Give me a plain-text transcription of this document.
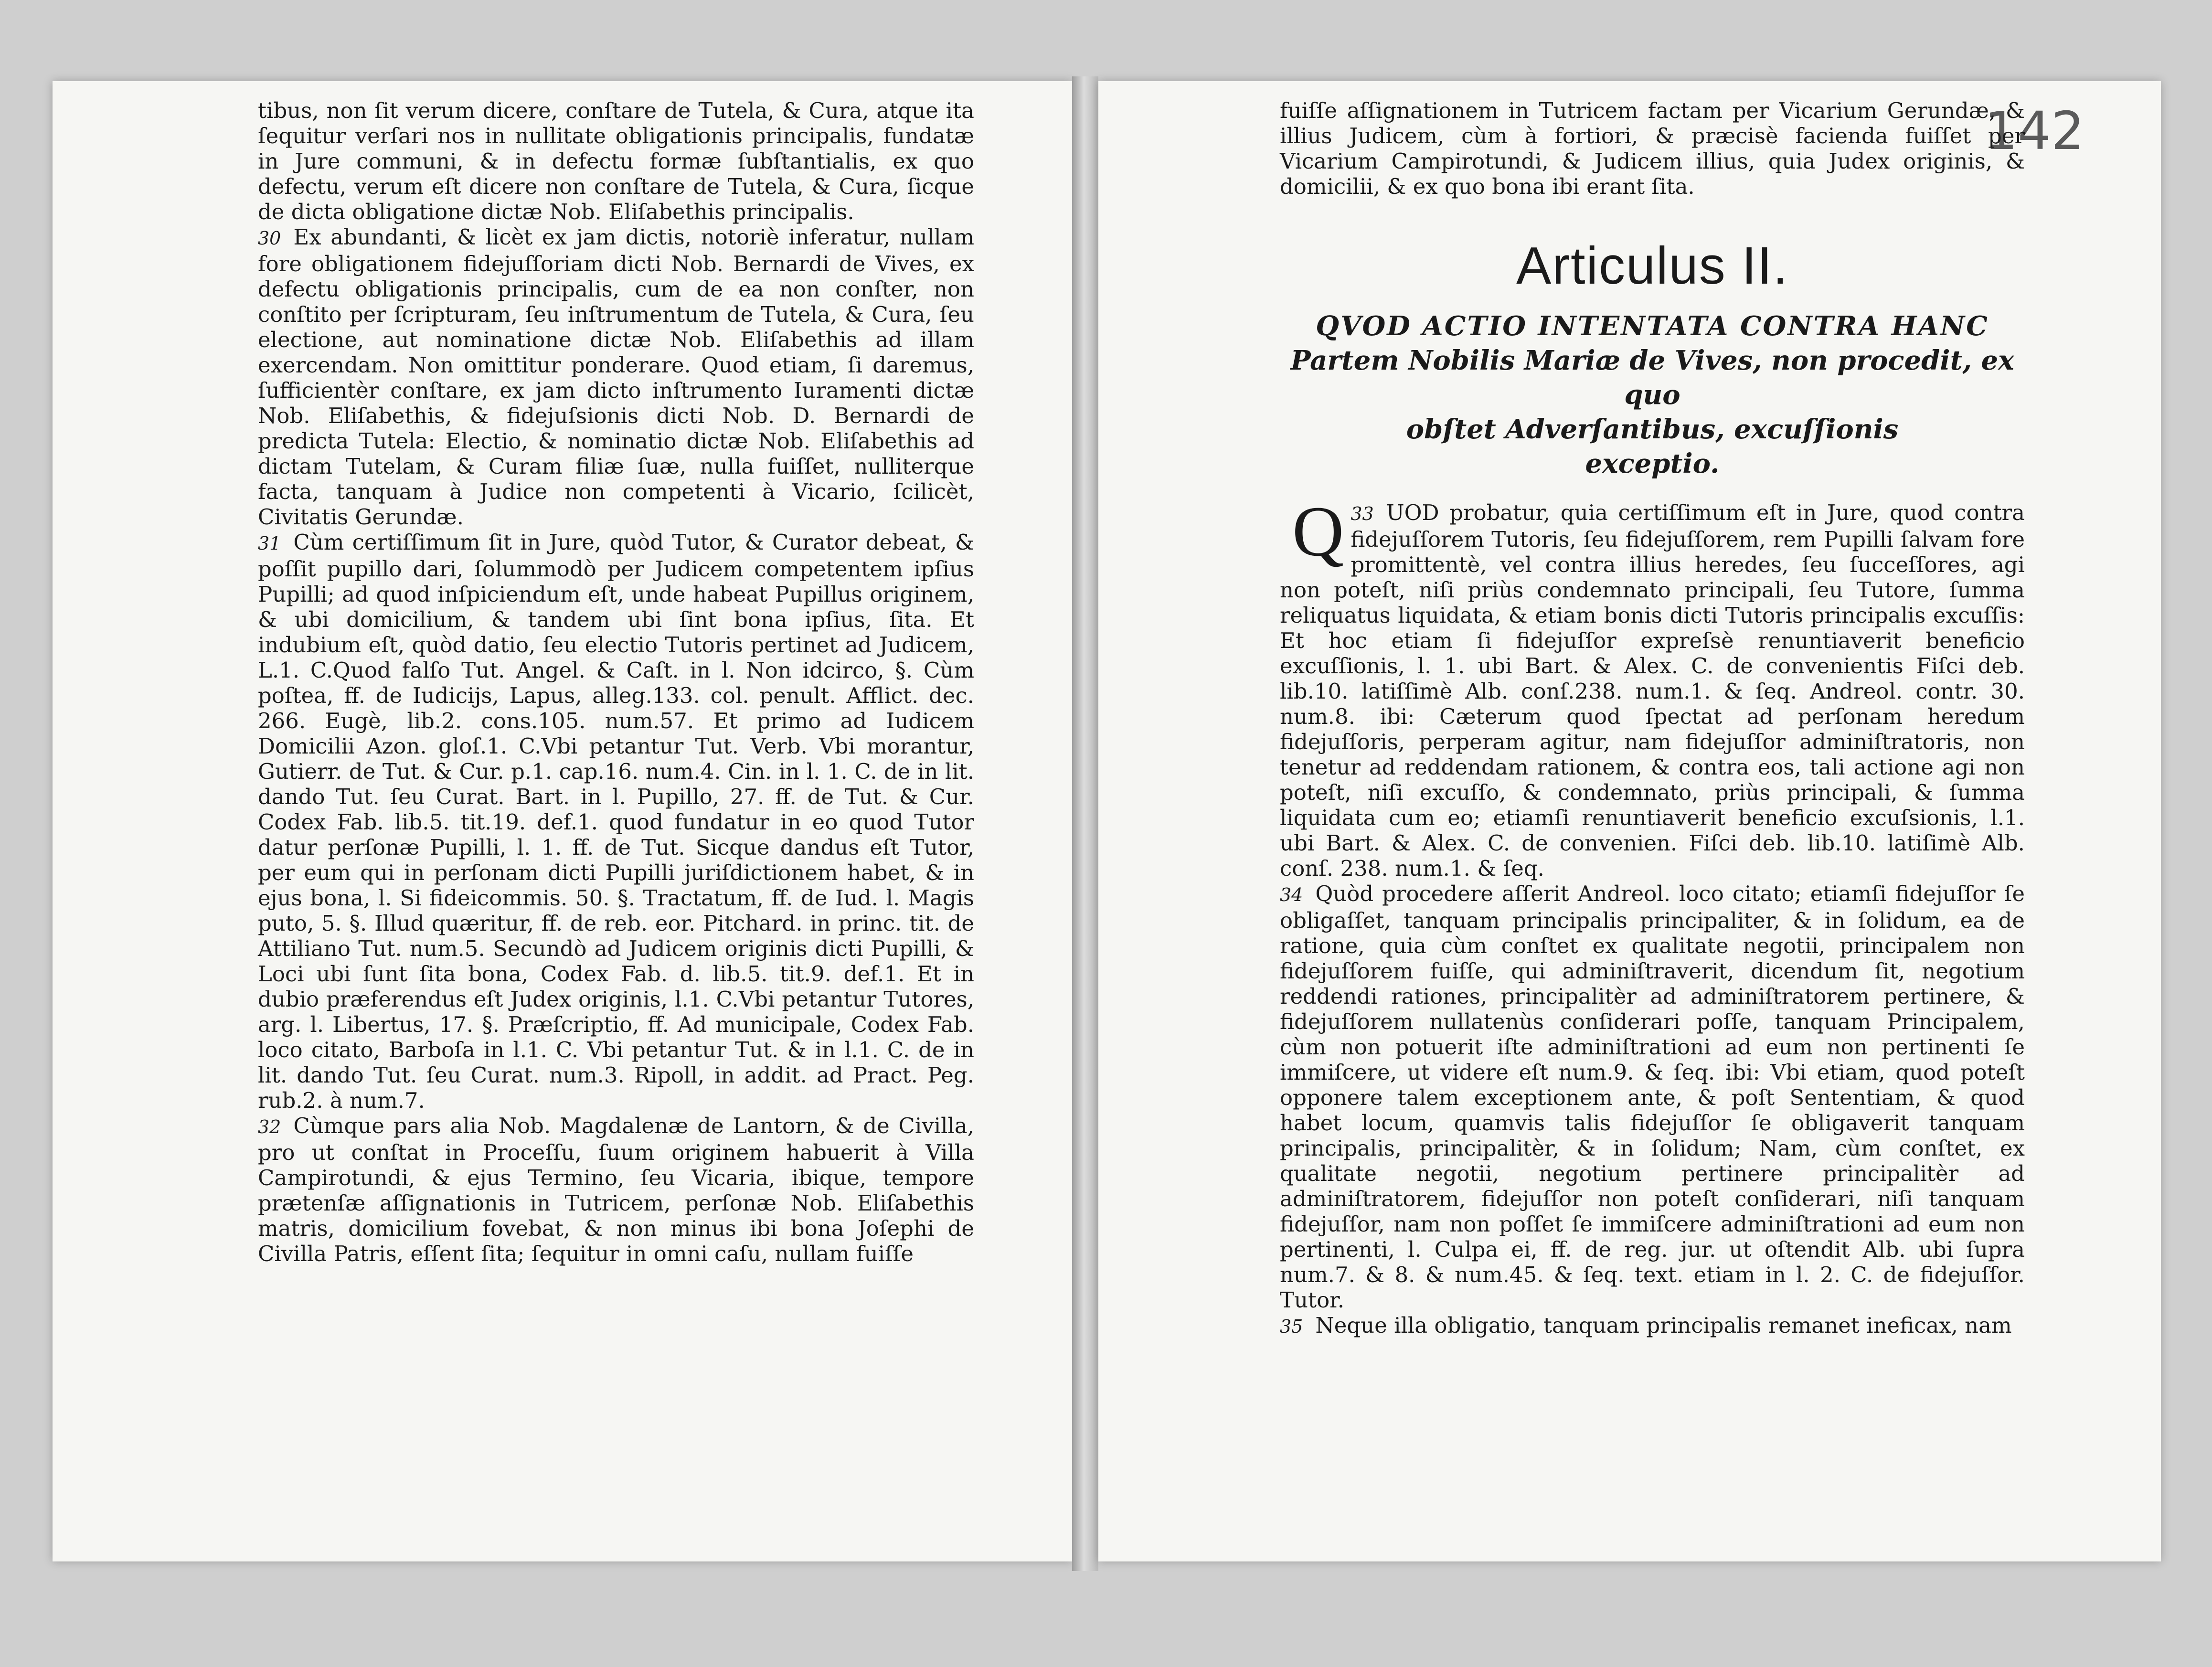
142

tibus, non ſit verum dicere, conſtare de Tutela, & Cura, atque ita ſequitur verſari nos in nullitate obligationis principalis, fundatæ in Jure communi, & in defectu formæ ſubſtantialis, ex quo defectu, verum eſt dicere non conſtare de Tutela, & Cura, ſicque de dicta obligatione dictæ Nob. Eliſabethis principalis.

30 Ex abundanti, & licèt ex jam dictis, notoriè inferatur, nullam fore obligationem fidejuſſoriam dicti Nob. Bernardi de Vives, ex defectu obligationis principalis, cum de ea non conſter, non conſtito per ſcripturam, ſeu inſtrumentum de Tutela, & Cura, ſeu electione, aut nominatione dictæ Nob. Eliſabethis ad illam exercendam. Non omittitur ponderare. Quod etiam, ſi daremus, ſufficientèr conſtare, ex jam dicto inſtrumento Iuramenti dictæ Nob. Eliſabethis, & fidejuſsionis dicti Nob. D. Bernardi de predicta Tutela: Electio, & nominatio dictæ Nob. Eliſabethis ad dictam Tutelam, & Curam filiæ ſuæ, nulla fuiſſet, nulliterque facta, tanquam à Judice non competenti à Vicario, ſcilicèt, Civitatis Gerundæ.

31 Cùm certiſſimum ſit in Jure, quòd Tutor, & Curator debeat, & poſſit pupillo dari, ſolummodò per Judicem competentem ipſius Pupilli; ad quod inſpiciendum eſt, unde habeat Pupillus originem, & ubi domicilium, & tandem ubi ſint bona ipſius, ſita. Et indubium eſt, quòd datio, ſeu electio Tutoris pertinet ad Judicem, L.1. C.Quod falſo Tut. Angel. & Caſt. in l. Non idcirco, §. Cùm poſtea, ff. de Iudicijs, Lapus, alleg.133. col. penult. Afflict. dec. 266. Eugè, lib.2. cons.105. num.57. Et primo ad Iudicem Domicilii Azon. gloſ.1. C.Vbi petantur Tut. Verb. Vbi morantur, Gutierr. de Tut. & Cur. p.1. cap.16. num.4. Cin. in l. 1. C. de in lit. dando Tut. ſeu Curat. Bart. in l. Pupillo, 27. ff. de Tut. & Cur. Codex Fab. lib.5. tit.19. def.1. quod fundatur in eo quod Tutor datur perſonæ Pupilli, l. 1. ff. de Tut. Sicque dandus eſt Tutor, per eum qui in perſonam dicti Pupilli juriſdictionem habet, & in ejus bona, l. Si fideicommis. 50. §. Tractatum, ff. de Iud. l. Magis puto, 5. §. Illud quæritur, ff. de reb. eor. Pitchard. in princ. tit. de Attiliano Tut. num.5. Secundò ad Judicem originis dicti Pupilli, & Loci ubi ſunt ſita bona, Codex Fab. d. lib.5. tit.9. def.1. Et in dubio præferendus eſt Judex originis, l.1. C.Vbi petantur Tutores, arg. l. Libertus, 17. §. Præſcriptio, ff. Ad municipale, Codex Fab. loco citato, Barboſa in l.1. C. Vbi petantur Tut. & in l.1. C. de in lit. dando Tut. ſeu Curat. num.3. Ripoll, in addit. ad Pract. Peg. rub.2. à num.7.

32 Cùmque pars alia Nob. Magdalenæ de Lantorn, & de Civilla, pro ut conſtat in Proceſſu, ſuum originem habuerit à Villa Campirotundi, & ejus Termino, ſeu Vicaria, ibique, tempore prætenſæ aſſignationis in Tutricem, perſonæ Nob. Eliſabethis matris, domicilium fovebat, & non minus ibi bona Joſephi de Civilla Patris, eſſent ſita; ſequitur in omni caſu, nullam fuiſſe

fuiſſe aſſignationem in Tutricem factam per Vicarium Gerundæ, & illius Judicem, cùm à fortiori, & præcisè facienda fuiſſet per Vicarium Campirotundi, & Judicem illius, quia Judex originis, & domicilii, & ex quo bona ibi erant ſita.

Articulus II.
QVOD ACTIO INTENTATA CONTRA HANC
Partem Nobilis Mariæ de Vives, non procedit, ex quo
obſtet Adverſantibus, excuſſionis
exceptio.

33
Q UOD probatur, quia certiſſimum eſt in Jure, quod contra fidejuſſorem Tutoris, ſeu fidejuſſorem, rem Pupilli ſalvam fore promittentè, vel contra illius heredes, ſeu ſucceſſores, agi non poteſt, niſi priùs condemnato principali, ſeu Tutore, ſumma reliquatus liquidata, & etiam bonis dicti Tutoris principalis excuſſis: Et hoc etiam ſi fidejuſſor expreſsè renuntiaverit beneficio excuſſionis, l. 1. ubi Bart. & Alex. C. de convenientis Fiſci deb. lib.10. latiſſimè Alb. conſ.238. num.1. & ſeq. Andreol. contr. 30. num.8. ibi: Cæterum quod ſpectat ad perſonam heredum fidejuſſoris, perperam agitur, nam fidejuſſor adminiſtratoris, non tenetur ad reddendam rationem, & contra eos, tali actione agi non poteſt, niſi excuſſo, & condemnato, priùs principali, & ſumma liquidata cum eo; etiamſi renuntiaverit beneficio excuſsionis, l.1. ubi Bart. & Alex. C. de convenien. Fiſci deb. lib.10. latiſimè Alb. conſ. 238. num.1. & ſeq.

34 Quòd procedere aſſerit Andreol. loco citato; etiamſi fidejuſſor ſe obligaſſet, tanquam principalis principaliter, & in ſolidum, ea de ratione, quia cùm conſtet ex qualitate negotii, principalem non fidejuſſorem fuiſſe, qui adminiſtraverit, dicendum ſit, negotium reddendi rationes, principalitèr ad adminiſtratorem pertinere, & fidejuſſorem nullatenùs conſiderari poſſe, tanquam Principalem, cùm non potuerit iſte adminiſtrationi ad eum non pertinenti ſe immiſcere, ut videre eſt num.9. & ſeq. ibi: Vbi etiam, quod poteſt opponere talem exceptionem ante, & poſt Sententiam, & quod habet locum, quamvis talis fidejuſſor ſe obligaverit tanquam principalis, principalitèr, & in ſolidum; Nam, cùm conſtet, ex qualitate negotii, negotium pertinere principalitèr ad adminiſtratorem, fidejuſſor non poteſt conſiderari, niſi tanquam fidejuſſor, nam non poſſet ſe immiſcere adminiſtrationi ad eum non pertinenti, l. Culpa ei, ff. de reg. jur. ut oſtendit Alb. ubi ſupra num.7. & 8. & num.45. & ſeq. text. etiam in l. 2. C. de fidejuſſor. Tutor.

35 Neque illa obligatio, tanquam principalis remanet ineficax, nam
